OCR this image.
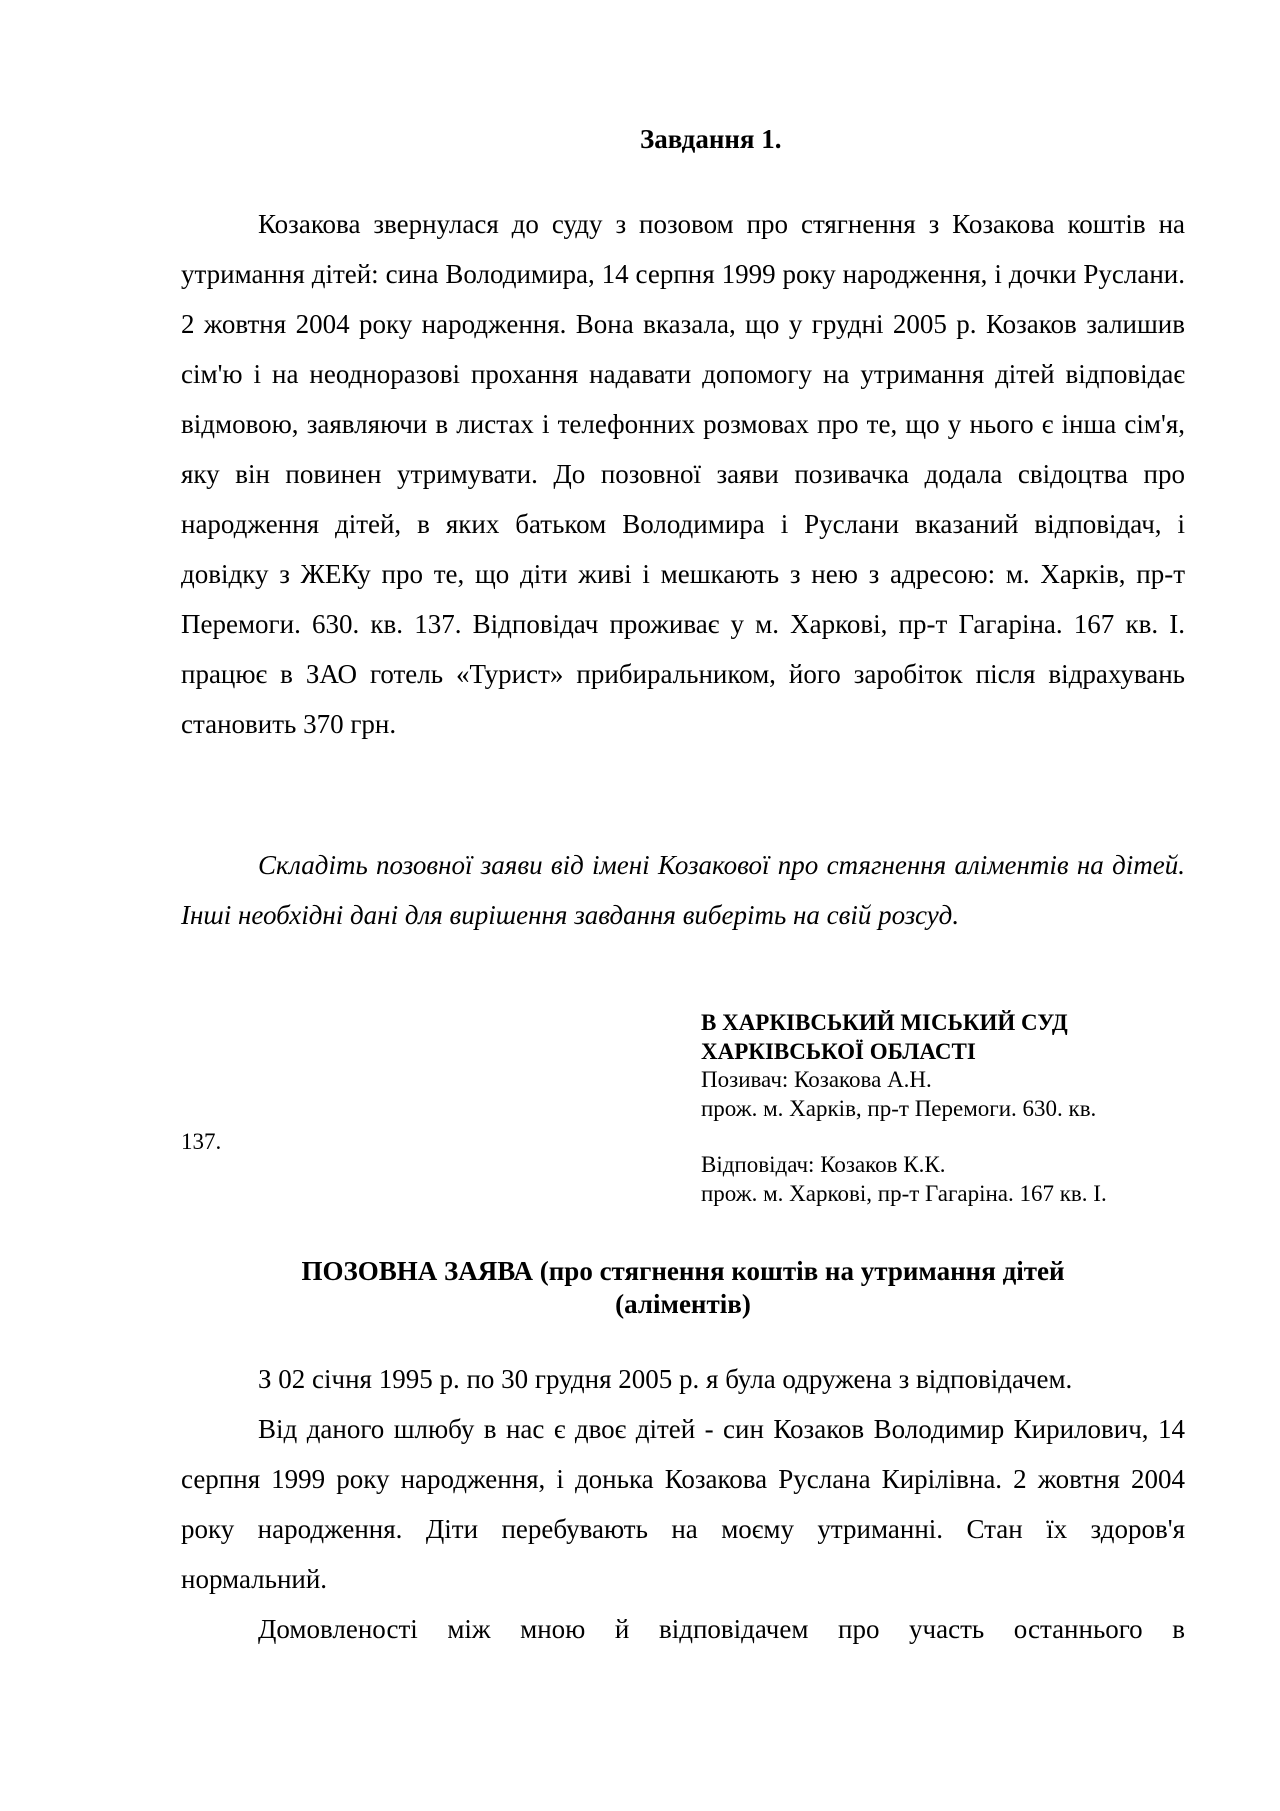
Завдання 1.

Козакова звернулася до суду з позовом про стягнення з Козакова коштів на утримання дітей: сина Володимира, 14 серпня 1999 року народження, і дочки Руслани. 2 жовтня 2004 року народження. Вона вказала, що у грудні 2005 р. Козаков залишив сім'ю і на неодноразові прохання надавати допомогу на утримання дітей відповідає відмовою, заявляючи в листах і телефонних розмовах про те, що у нього є інша сім'я, яку він повинен утримувати. До позовної заяви позивачка додала свідоцтва про народження дітей, в яких батьком Володимира і Руслани вказаний відповідач, і довідку з ЖЕКу про те, що діти живі і мешкають з нею з адресою: м. Харків, пр-т Перемоги. 630. кв. 137. Відповідач проживає у м. Харкові, пр-т Гагаріна. 167 кв. І. працює в ЗАО готель «Турист» прибиральником, його заробіток після відрахувань становить 370 грн.

Складіть позовної заяви від імені Козакової про стягнення аліментів на дітей. Інші необхідні дані для вирішення завдання виберіть на свій розсуд.

В ХАРКІВСЬКИЙ МІСЬКИЙ СУД
ХАРКІВСЬКОЇ ОБЛАСТІ
Позивач: Козакова А.Н.
прож. м. Харків, пр-т Перемоги. 630. кв.
Відповідач: Козаков К.К.
прож. м. Харкові, пр-т Гагаріна. 167 кв. І.
137.
ПОЗОВНА ЗАЯВА (про стягнення коштів на утримання дітей
(аліментів)

З 02 січня 1995 р. по 30 грудня 2005 р. я була одружена з відповідачем.

Від даного шлюбу в нас є двоє дітей - син Козаков Володимир Кирилович, 14 серпня 1999 року народження, і донька Козакова Руслана Кирілівна. 2 жовтня 2004 року народження. Діти перебувають на моєму утриманні. Стан їх здоров'я нормальний.

Домовленості між мною й відповідачем про участь останнього в
